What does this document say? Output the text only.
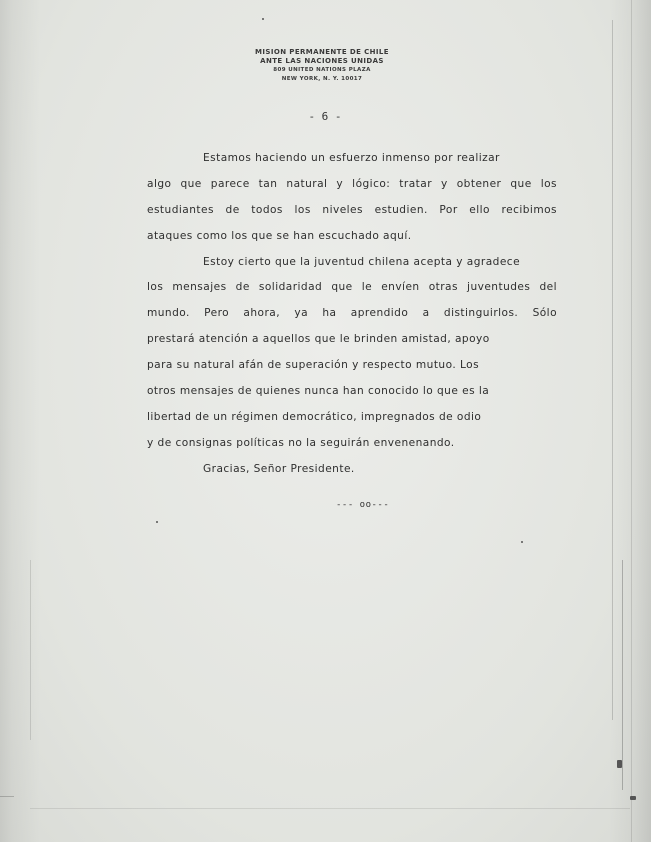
MISION PERMANENTE DE CHILE
ANTE LAS NACIONES UNIDAS
809 UNITED NATIONS PLAZA
NEW YORK, N. Y. 10017
- 6 -
Estamos haciendo un esfuerzo inmenso por realizar
algo que parece tan natural y lógico: tratar y obtener que los
estudiantes de todos los niveles estudien. Por ello recibimos
ataques como los que se han escuchado aquí.
Estoy cierto que la juventud chilena acepta y agradece
los mensajes de solidaridad que le envíen otras juventudes del
mundo. Pero ahora, ya ha aprendido a distinguirlos. Sólo
prestará atención a aquellos que le brinden amistad, apoyo
para su natural afán de superación y respecto mutuo. Los
otros mensajes de quienes nunca han conocido lo que es la
libertad de un régimen democrático, impregnados de odio
y de consignas políticas no la seguirán envenenando.
Gracias, Señor Presidente.
--- oo---
